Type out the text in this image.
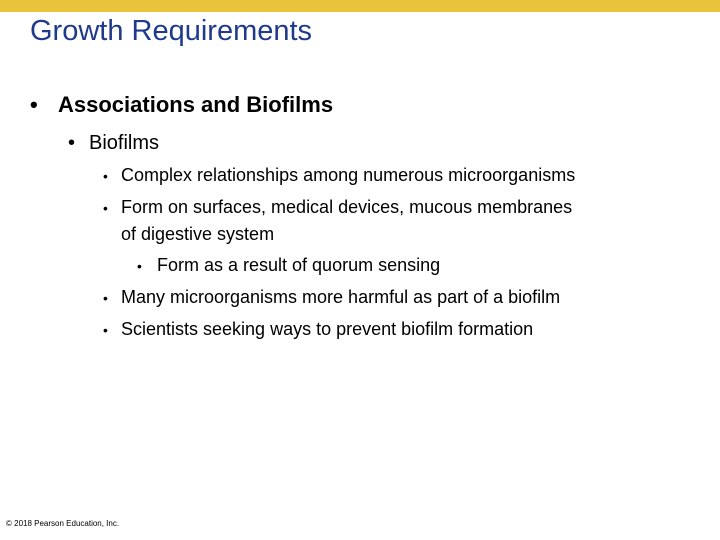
Growth Requirements
• Associations and Biofilms
• Biofilms
• Complex relationships among numerous microorganisms
• Form on surfaces, medical devices, mucous membranes
of digestive system
• Form as a result of quorum sensing
• Many microorganisms more harmful as part of a biofilm
• Scientists seeking ways to prevent biofilm formation
© 2018 Pearson Education, Inc.
